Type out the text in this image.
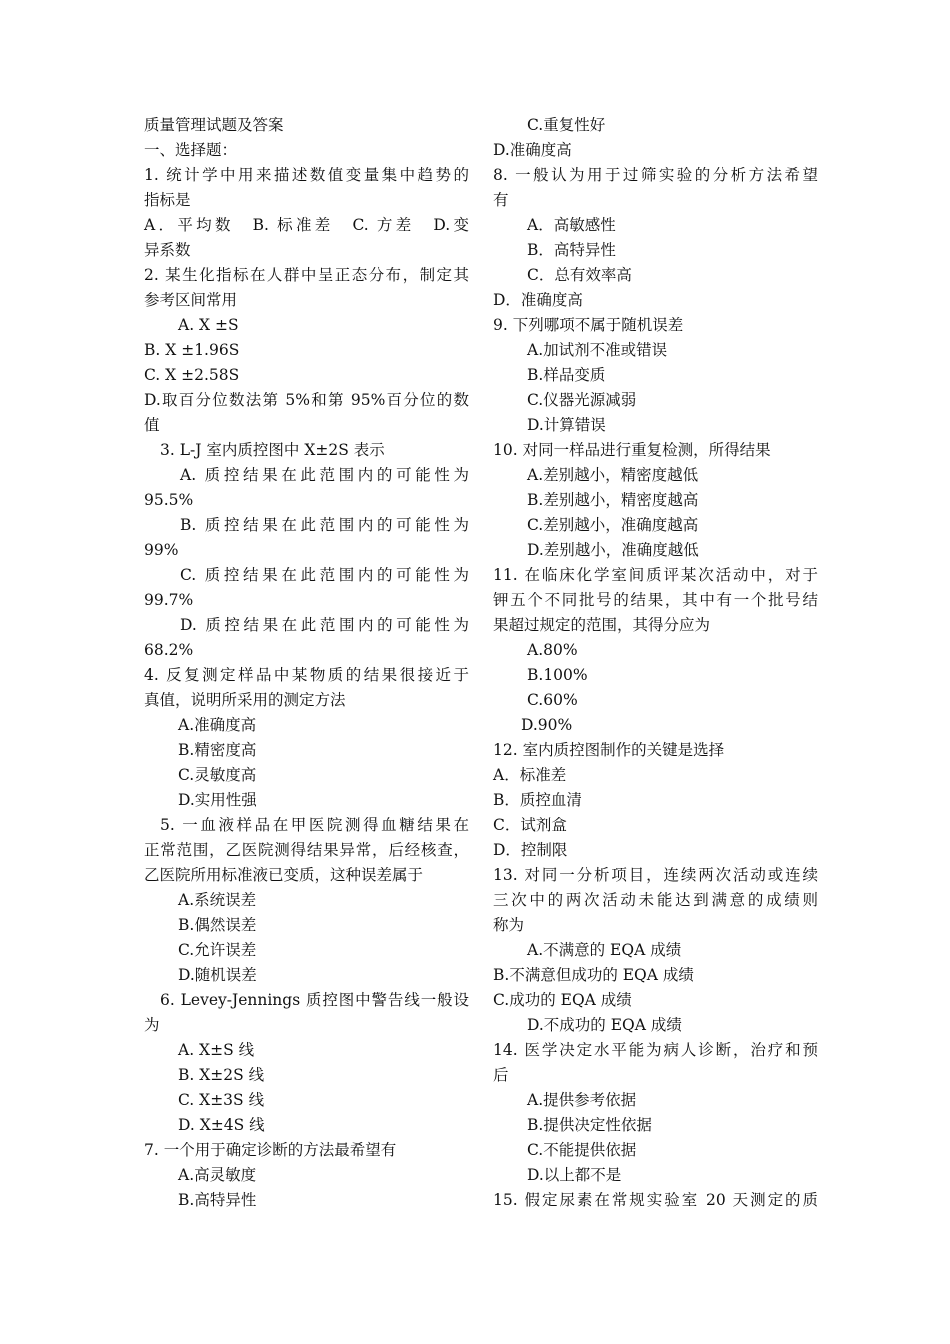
质量管理试题及答案
一、选择题：
1. 统计学中用来描述数值变量集中趋势的
指标是
A．平均数　B. 标准差　C. 方差　D.变
异系数
2. 某生化指标在人群中呈正态分布，制定其
参考区间常用
A. X ±S
B. X ±1.96S
C. X ±2.58S
D.取百分位数法第 5%和第 95%百分位的数
值
3. L-J 室内质控图中 X±2S 表示
A. 质控结果在此范围内的可能性为
95.5%
B. 质控结果在此范围内的可能性为
99%
C. 质控结果在此范围内的可能性为
99.7%
D. 质控结果在此范围内的可能性为
68.2%
4. 反复测定样品中某物质的结果很接近于
真值，说明所采用的测定方法
A.准确度高
B.精密度高
C.灵敏度高
D.实用性强
5. 一血液样品在甲医院测得血糖结果在
正常范围，乙医院测得结果异常，后经核查，
乙医院所用标准液已变质，这种误差属于
A.系统误差
B.偶然误差
C.允许误差
D.随机误差
6. Levey-Jennings 质控图中警告线一般设
为
A. X±S 线
B. X±2S 线
C. X±3S 线
D. X±4S 线
7. 一个用于确定诊断的方法最希望有
A.高灵敏度
B.高特异性
C.重复性好
D.准确度高
8. 一般认为用于过筛实验的分析方法希望
有
A．高敏感性
B．高特异性
C．总有效率高
D．准确度高
9. 下列哪项不属于随机误差
A.加试剂不准或错误
B.样品变质
C.仪器光源减弱
D.计算错误
10. 对同一样品进行重复检测，所得结果
A.差别越小，精密度越低
B.差别越小，精密度越高
C.差别越小，准确度越高
D.差别越小，准确度越低
11. 在临床化学室间质评某次活动中，对于
钾五个不同批号的结果，其中有一个批号结
果超过规定的范围，其得分应为
A.80%
B.100%
C.60%
D.90%
12. 室内质控图制作的关键是选择
A．标准差
B．质控血清
C．试剂盒
D．控制限
13. 对同一分析项目，连续两次活动或连续
三次中的两次活动未能达到满意的成绩则
称为
A.不满意的 EQA 成绩
B.不满意但成功的 EQA 成绩
C.成功的 EQA 成绩
D.不成功的 EQA 成绩
14. 医学决定水平能为病人诊断，治疗和预
后
A.提供参考依据
B.提供决定性依据
C.不能提供依据
D.以上都不是
15. 假定尿素在常规实验室 20 天测定的质
